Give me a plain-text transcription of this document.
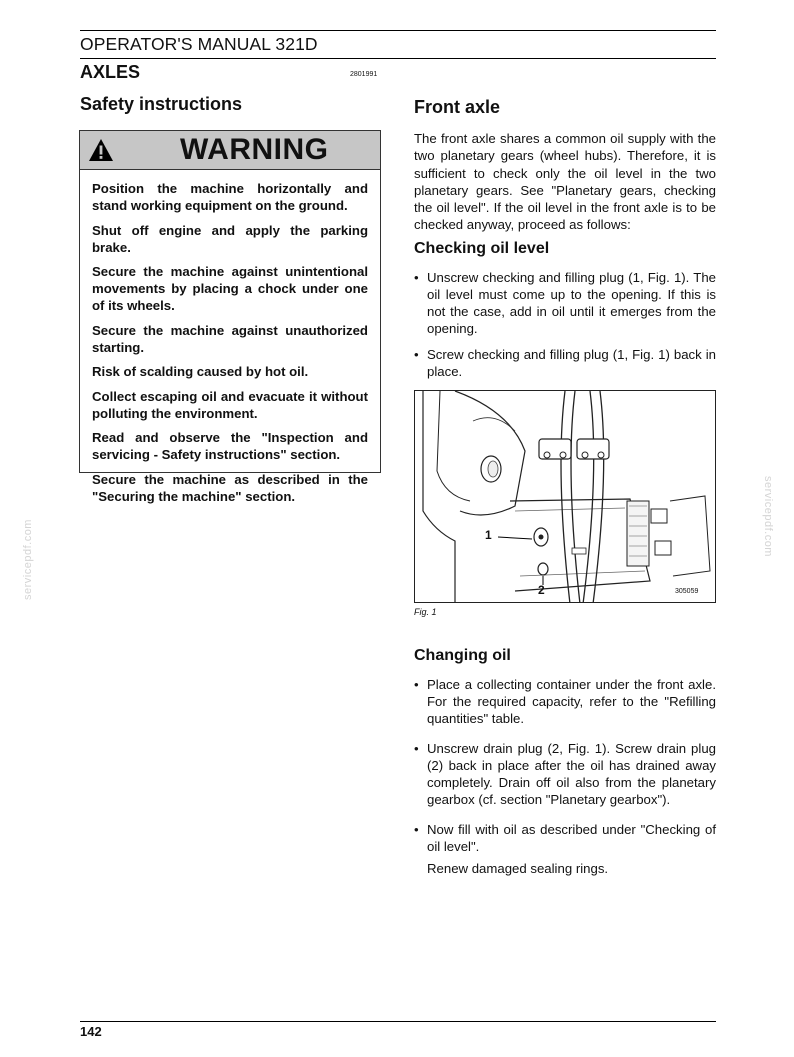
OPERATOR'S MANUAL 321D
AXLES	2801991
Safety instructions
WARNING
Position the machine horizontally and stand working equipment on the ground.
Shut off engine and apply the parking brake.
Secure the machine against unintentional movements by placing a chock under one of its wheels.
Secure the machine against unauthorized starting.
Risk of scalding caused by hot oil.
Collect escaping oil and evacuate it without polluting the environment.
Read and observe the "Inspection and servicing - Safety instructions" section.
Secure the machine as described in the "Securing the machine" section.
Front axle
The front axle shares a common oil supply with the two planetary gears (wheel hubs). Therefore, it is sufficient to check only the oil level in the two planetary gears. See "Planetary gears, checking the oil level". If the oil level in the front axle is to be checked anyway, proceed as follows:
Checking oil level
• Unscrew checking and filling plug (1, Fig. 1). The oil level must come up to the opening. If this is not the case, add in oil until it emerges from the opening.
• Screw checking and filling plug (1, Fig. 1) back in place.
1
2	305059
Fig. 1
Changing oil
• Place a collecting container under the front axle. For the required capacity, refer to the "Refilling quantities" table.
• Unscrew drain plug (2, Fig. 1). Screw drain plug (2) back in place after the oil has drained away completely. Drain off oil also from the planetary gearbox (cf. section "Planetary gearbox").
• Now fill with oil as described under "Checking of oil level".
Renew damaged sealing rings.
servicepdf.com
servicepdf.com
142
